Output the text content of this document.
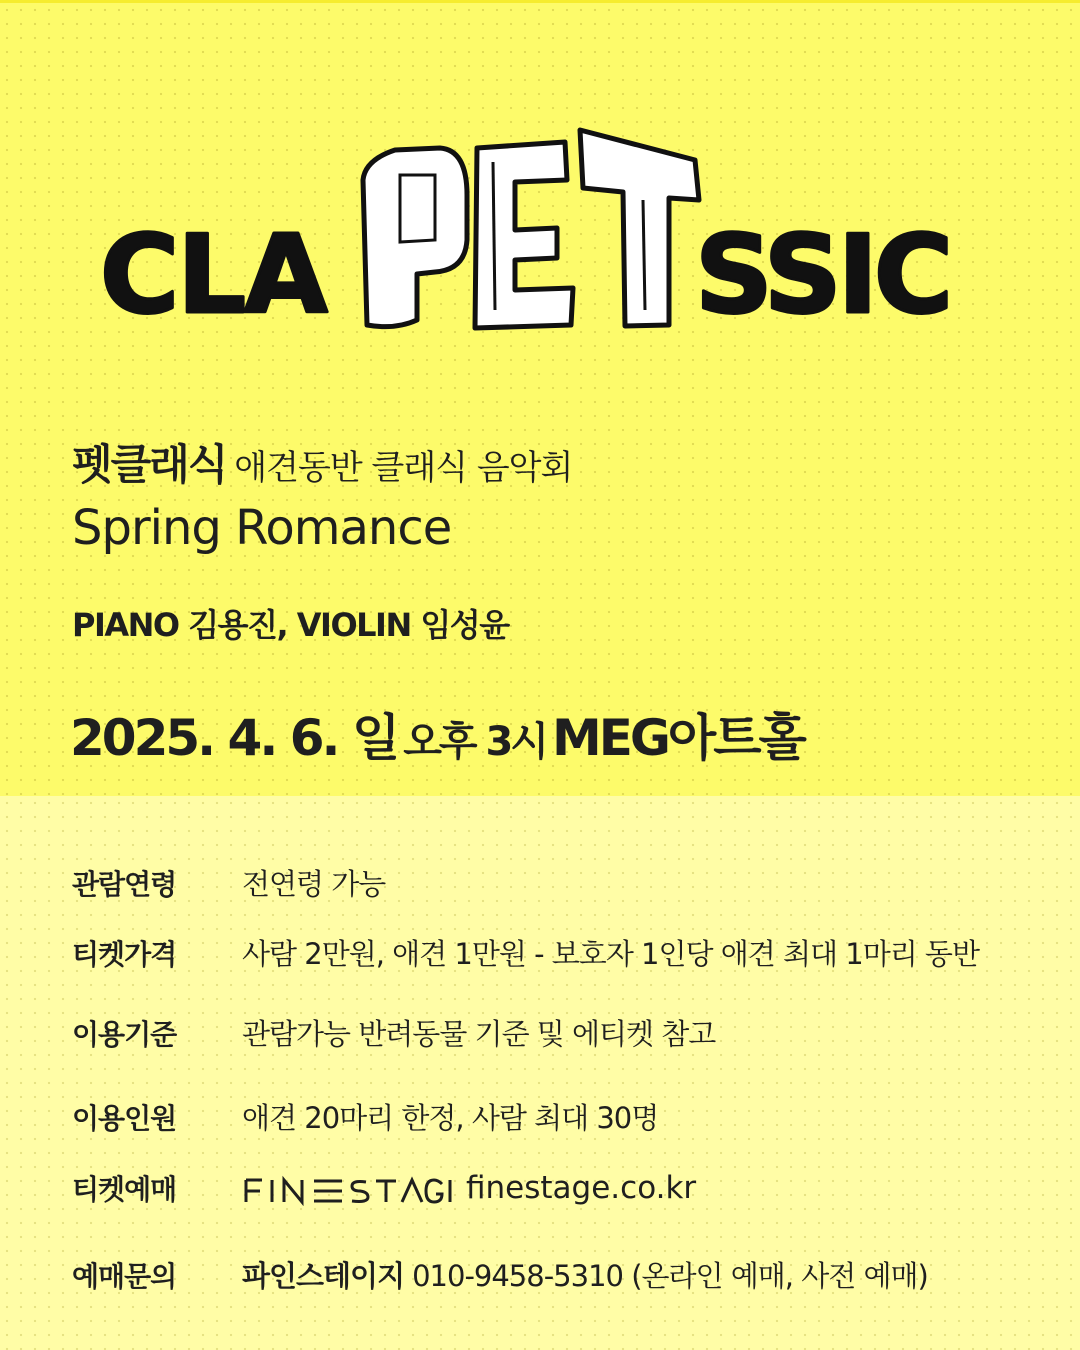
CLA	SSIC
펫클래식 애견동반 클래식 음악회
Spring Romance
PIANO 김용진, VIOLIN 임성윤
2025. 4. 6. 일 오후 3시 MEG아트홀
관람연령	전연령 가능
티켓가격	사람 2만원, 애견 1만원 - 보호자 1인당 애견 최대 1마리 동반
이용기준	관람가능 반려동물 기준 및 에티켓 참고
이용인원	애견 20마리 한정, 사람 최대 30명
티켓예매	finestage.co.kr
예매문의	파인스테이지 010-9458-5310 (온라인 예매, 사전 예매)
